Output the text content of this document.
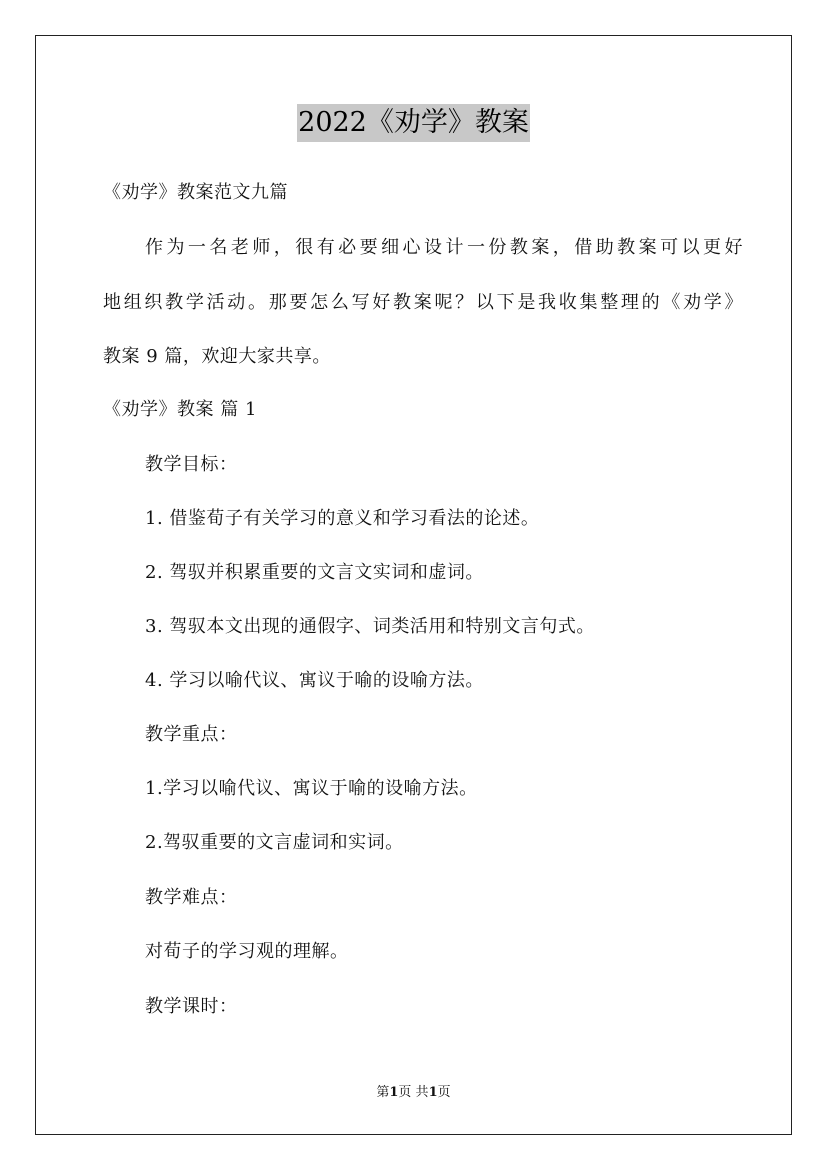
2022《劝学》教案
《劝学》教案范文九篇
作为一名老师，很有必要细心设计一份教案，借助教案可以更好
地组织教学活动。那要怎么写好教案呢？以下是我收集整理的《劝学》
教案 9 篇，欢迎大家共享。
《劝学》教案 篇 1
教学目标：
1. 借鉴荀子有关学习的意义和学习看法的论述。
2. 驾驭并积累重要的文言文实词和虚词。
3. 驾驭本文出现的通假字、词类活用和特别文言句式。
4. 学习以喻代议、寓议于喻的设喻方法。
教学重点：
1.学习以喻代议、寓议于喻的设喻方法。
2.驾驭重要的文言虚词和实词。
教学难点：
对荀子的学习观的理解。
教学课时：
第1页 共1页
